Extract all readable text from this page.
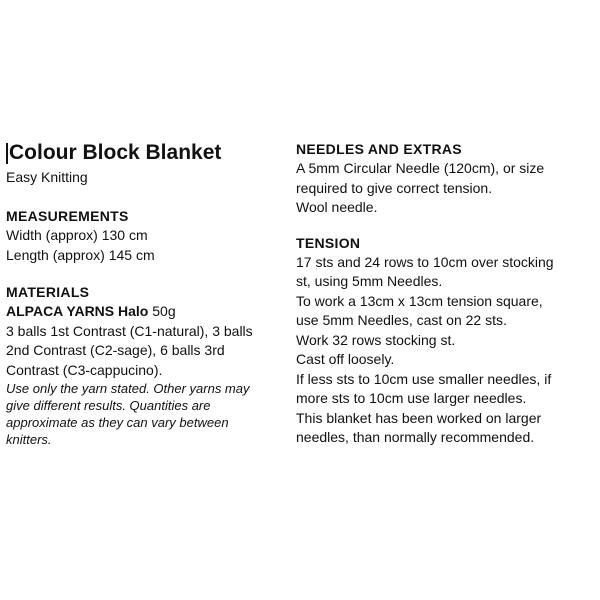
Colour Block Blanket

Easy Knitting

MEASUREMENTS

Width (approx) 130 cm

Length (approx) 145 cm

MATERIALS

ALPACA YARNS Halo 50g

3 balls 1st Contrast (C1-natural), 3 balls

2nd Contrast (C2-sage), 6 balls 3rd

Contrast (C3-cappucino).

Use only the yarn stated. Other yarns may

give different results. Quantities are

approximate as they can vary between

knitters.

NEEDLES AND EXTRAS

A 5mm Circular Needle (120cm), or size

required to give correct tension.

Wool needle.

TENSION

17 sts and 24 rows to 10cm over stocking

st, using 5mm Needles.

To work a 13cm x 13cm tension square,

use 5mm Needles, cast on 22 sts.

Work 32 rows stocking st.

Cast off loosely.

If less sts to 10cm use smaller needles, if

more sts to 10cm use larger needles.

This blanket has been worked on larger

needles, than normally recommended.
